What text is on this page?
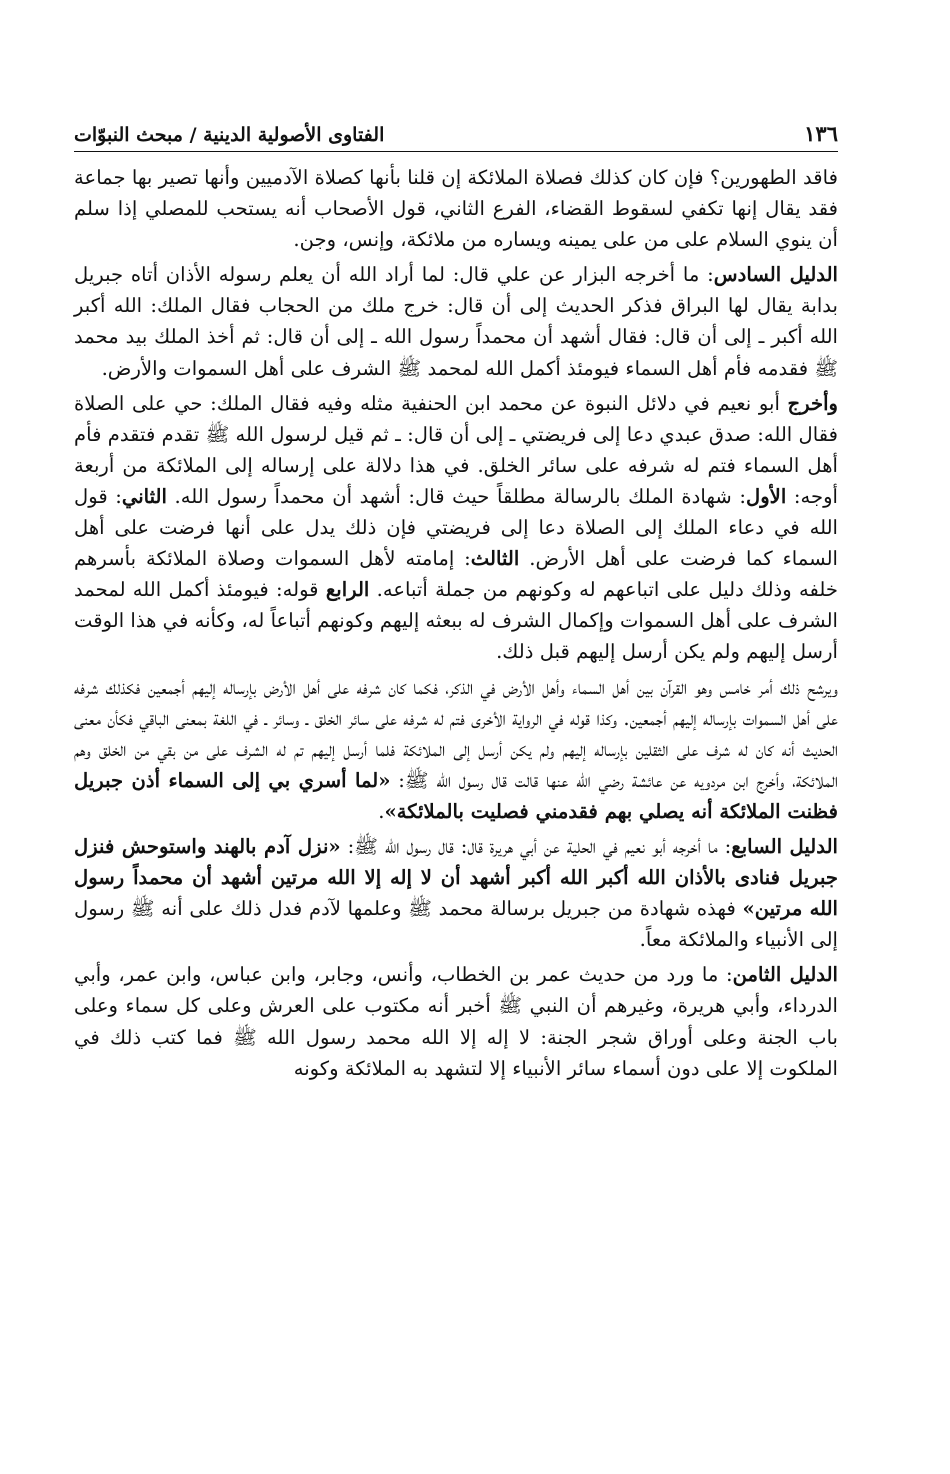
١٣٦
الفتاوى الأصولية الدينية / مبحث النبوّات

فاقد الطهورين؟ فإن كان كذلك فصلاة الملائكة إن قلنا بأنها كصلاة الآدميين وأنها تصير بها جماعة فقد يقال إنها تكفي لسقوط القضاء، الفرع الثاني، قول الأصحاب أنه يستحب للمصلي إذا سلم أن ينوي السلام على من على يمينه ويساره من ملائكة، وإنس، وجن.

الدليل السادس: ما أخرجه البزار عن علي قال: لما أراد الله أن يعلم رسوله الأذان أتاه جبريل بدابة يقال لها البراق فذكر الحديث إلى أن قال: خرج ملك من الحجاب فقال الملك: الله أكبر الله أكبر ـ إلى أن قال: فقال أشهد أن محمداً رسول الله ـ إلى أن قال: ثم أخذ الملك بيد محمد ﷺ فقدمه فأم أهل السماء فيومئذ أكمل الله لمحمد ﷺ الشرف على أهل السموات والأرض.

وأخرج أبو نعيم في دلائل النبوة عن محمد ابن الحنفية مثله وفيه فقال الملك: حي على الصلاة فقال الله: صدق عبدي دعا إلى فريضتي ـ إلى أن قال: ـ ثم قيل لرسول الله ﷺ تقدم فتقدم فأم أهل السماء فتم له شرفه على سائر الخلق. في هذا دلالة على إرساله إلى الملائكة من أربعة أوجه: الأول: شهادة الملك بالرسالة مطلقاً حيث قال: أشهد أن محمداً رسول الله. الثاني: قول الله في دعاء الملك إلى الصلاة دعا إلى فريضتي فإن ذلك يدل على أنها فرضت على أهل السماء كما فرضت على أهل الأرض. الثالث: إمامته لأهل السموات وصلاة الملائكة بأسرهم خلفه وذلك دليل على اتباعهم له وكونهم من جملة أتباعه. الرابع قوله: فيومئذ أكمل الله لمحمد الشرف على أهل السموات وإكمال الشرف له ببعثه إليهم وكونهم أتباعاً له، وكأنه في هذا الوقت أرسل إليهم ولم يكن أرسل إليهم قبل ذلك.

ويرشح ذلك أمر خامس وهو القرآن بين أهل السماء وأهل الأرض في الذكر، فكما كان شرفه على أهل الأرض بإرساله إليهم أجمعين فكذلك شرفه على أهل السموات بإرساله إليهم أجمعين. وكذا قوله في الرواية الأخرى فتم له شرفه على سائر الخلق ـ وسائر ـ في اللغة بمعنى الباقي فكأن معنى الحديث أنه كان له شرف على الثقلين بإرساله إليهم ولم يكن أرسل إلى الملائكة فلما أرسل إليهم تم له الشرف على من بقي من الخلق وهم الملائكة، وأخرج ابن مردويه عن عائشة رضي الله عنها قالت قال رسول الله ﷺ: «لما أسري بي إلى السماء أذن جبريل فظنت الملائكة أنه يصلي بهم فقدمني فصليت بالملائكة».

الدليل السابع: ما أخرجه أبو نعيم في الحلية عن أبي هريرة قال: قال رسول الله ﷺ: «نزل آدم بالهند واستوحش فنزل جبريل فنادى بالأذان الله أكبر الله أكبر أشهد أن لا إله إلا الله مرتين أشهد أن محمداً رسول الله مرتين» فهذه شهادة من جبريل برسالة محمد ﷺ وعلمها لآدم فدل ذلك على أنه ﷺ رسول إلى الأنبياء والملائكة معاً.

الدليل الثامن: ما ورد من حديث عمر بن الخطاب، وأنس، وجابر، وابن عباس، وابن عمر، وأبي الدرداء، وأبي هريرة، وغيرهم أن النبي ﷺ أخبر أنه مكتوب على العرش وعلى كل سماء وعلى باب الجنة وعلى أوراق شجر الجنة: لا إله إلا الله محمد رسول الله ﷺ فما كتب ذلك في الملكوت إلا على دون أسماء سائر الأنبياء إلا لتشهد به الملائكة وكونه
